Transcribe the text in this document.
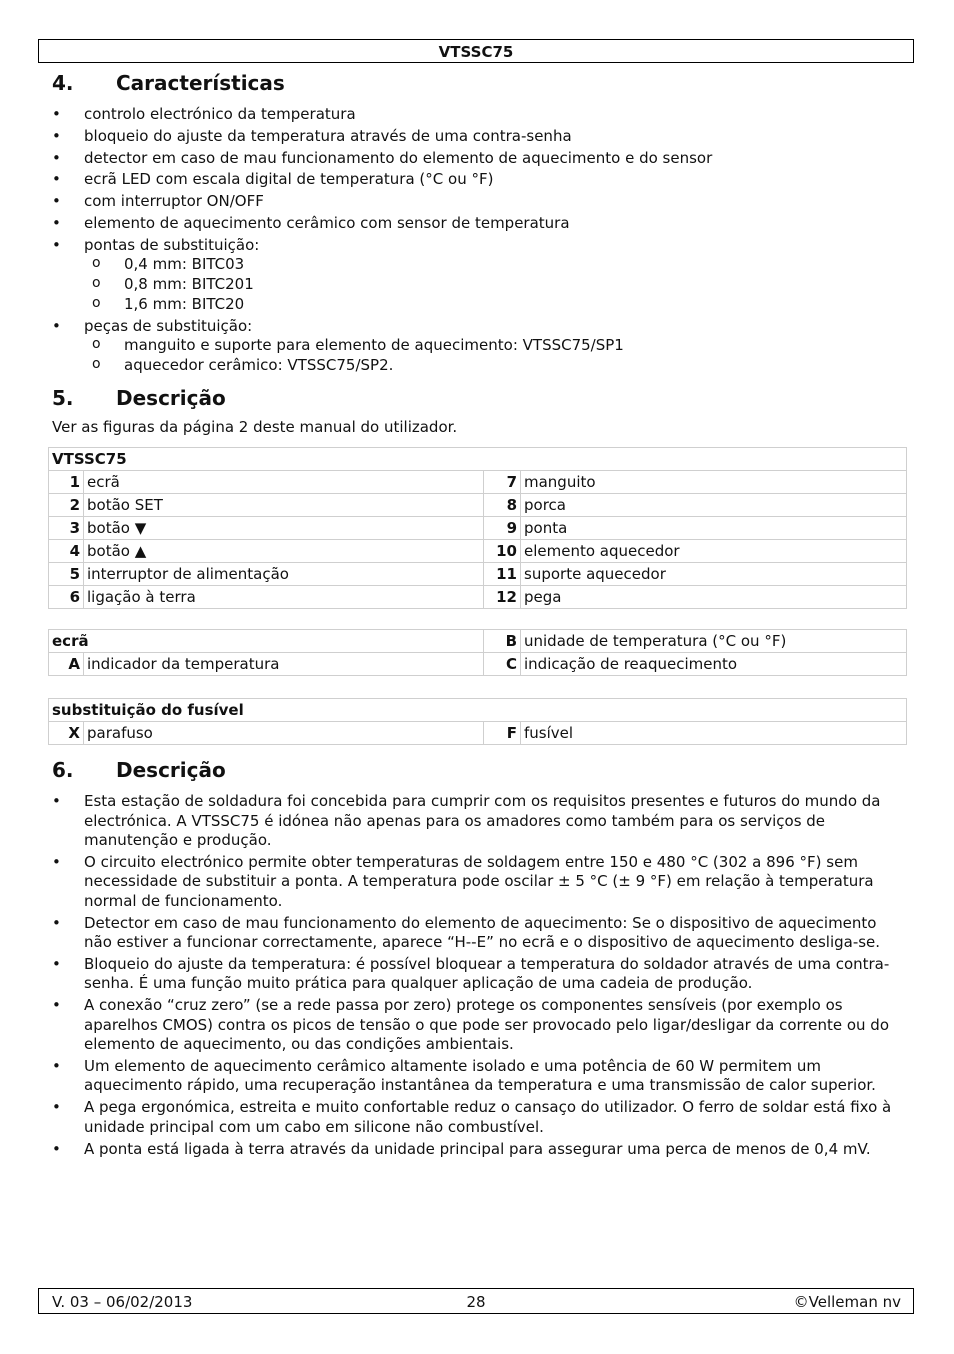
VTSSC75
4. Características
• controlo electrónico da temperatura
• bloqueio do ajuste da temperatura através de uma contra-senha
• detector em caso de mau funcionamento do elemento de aquecimento e do sensor
• ecrã LED com escala digital de temperatura (°C ou °F)
• com interruptor ON/OFF
• elemento de aquecimento cerâmico com sensor de temperatura
• pontas de substituição:
o 0,4 mm: BITC03
o 0,8 mm: BITC201
o 1,6 mm: BITC20
• peças de substituição:
o manguito e suporte para elemento de aquecimento: VTSSC75/SP1
o aquecedor cerâmico: VTSSC75/SP2.
5. Descrição
Ver as figuras da página 2 deste manual do utilizador.
VTSSC75			
1	ecrã	7	manguito
2	botão SET	8	porca
3	botão ▼	9	ponta
4	botão ▲	10	elemento aquecedor
5	interruptor de alimentação	11	suporte aquecedor
6	ligação à terra	12	pega
ecrã		B	unidade de temperatura (°C ou °F)
A	indicador da temperatura	C	indicação de reaquecimento
substituição do fusível
X	parafuso	F	fusível
6. Descrição
• Esta estação de soldadura foi concebida para cumprir com os requisitos presentes e futuros do mundo da electrónica. A VTSSC75 é idónea não apenas para os amadores como também para os serviços de manutenção e produção.
• O circuito electrónico permite obter temperaturas de soldagem entre 150 e 480 °C (302 a 896 °F) sem necessidade de substituir a ponta. A temperatura pode oscilar ± 5 °C (± 9 °F) em relação à temperatura normal de funcionamento.
• Detector em caso de mau funcionamento do elemento de aquecimento: Se o dispositivo de aquecimento não estiver a funcionar correctamente, aparece “H--E” no ecrã e o dispositivo de aquecimento desliga-se.
• Bloqueio do ajuste da temperatura: é possível bloquear a temperatura do soldador através de uma contra-senha. É uma função muito prática para qualquer aplicação de uma cadeia de produção.
• A conexão “cruz zero” (se a rede passa por zero) protege os componentes sensíveis (por exemplo os aparelhos CMOS) contra os picos de tensão o que pode ser provocado pelo ligar/desligar da corrente ou do elemento de aquecimento, ou das condições ambientais.
• Um elemento de aquecimento cerâmico altamente isolado e uma potência de 60 W permitem um aquecimento rápido, uma recuperação instantânea da temperatura e uma transmissão de calor superior.
• A pega ergonómica, estreita e muito confortable reduz o cansaço do utilizador. O ferro de soldar está fixo à unidade principal com um cabo em silicone não combustível.
• A ponta está ligada à terra através da unidade principal para assegurar uma perca de menos de 0,4 mV.
28
V. 03 – 06/02/2013	©Velleman nv
